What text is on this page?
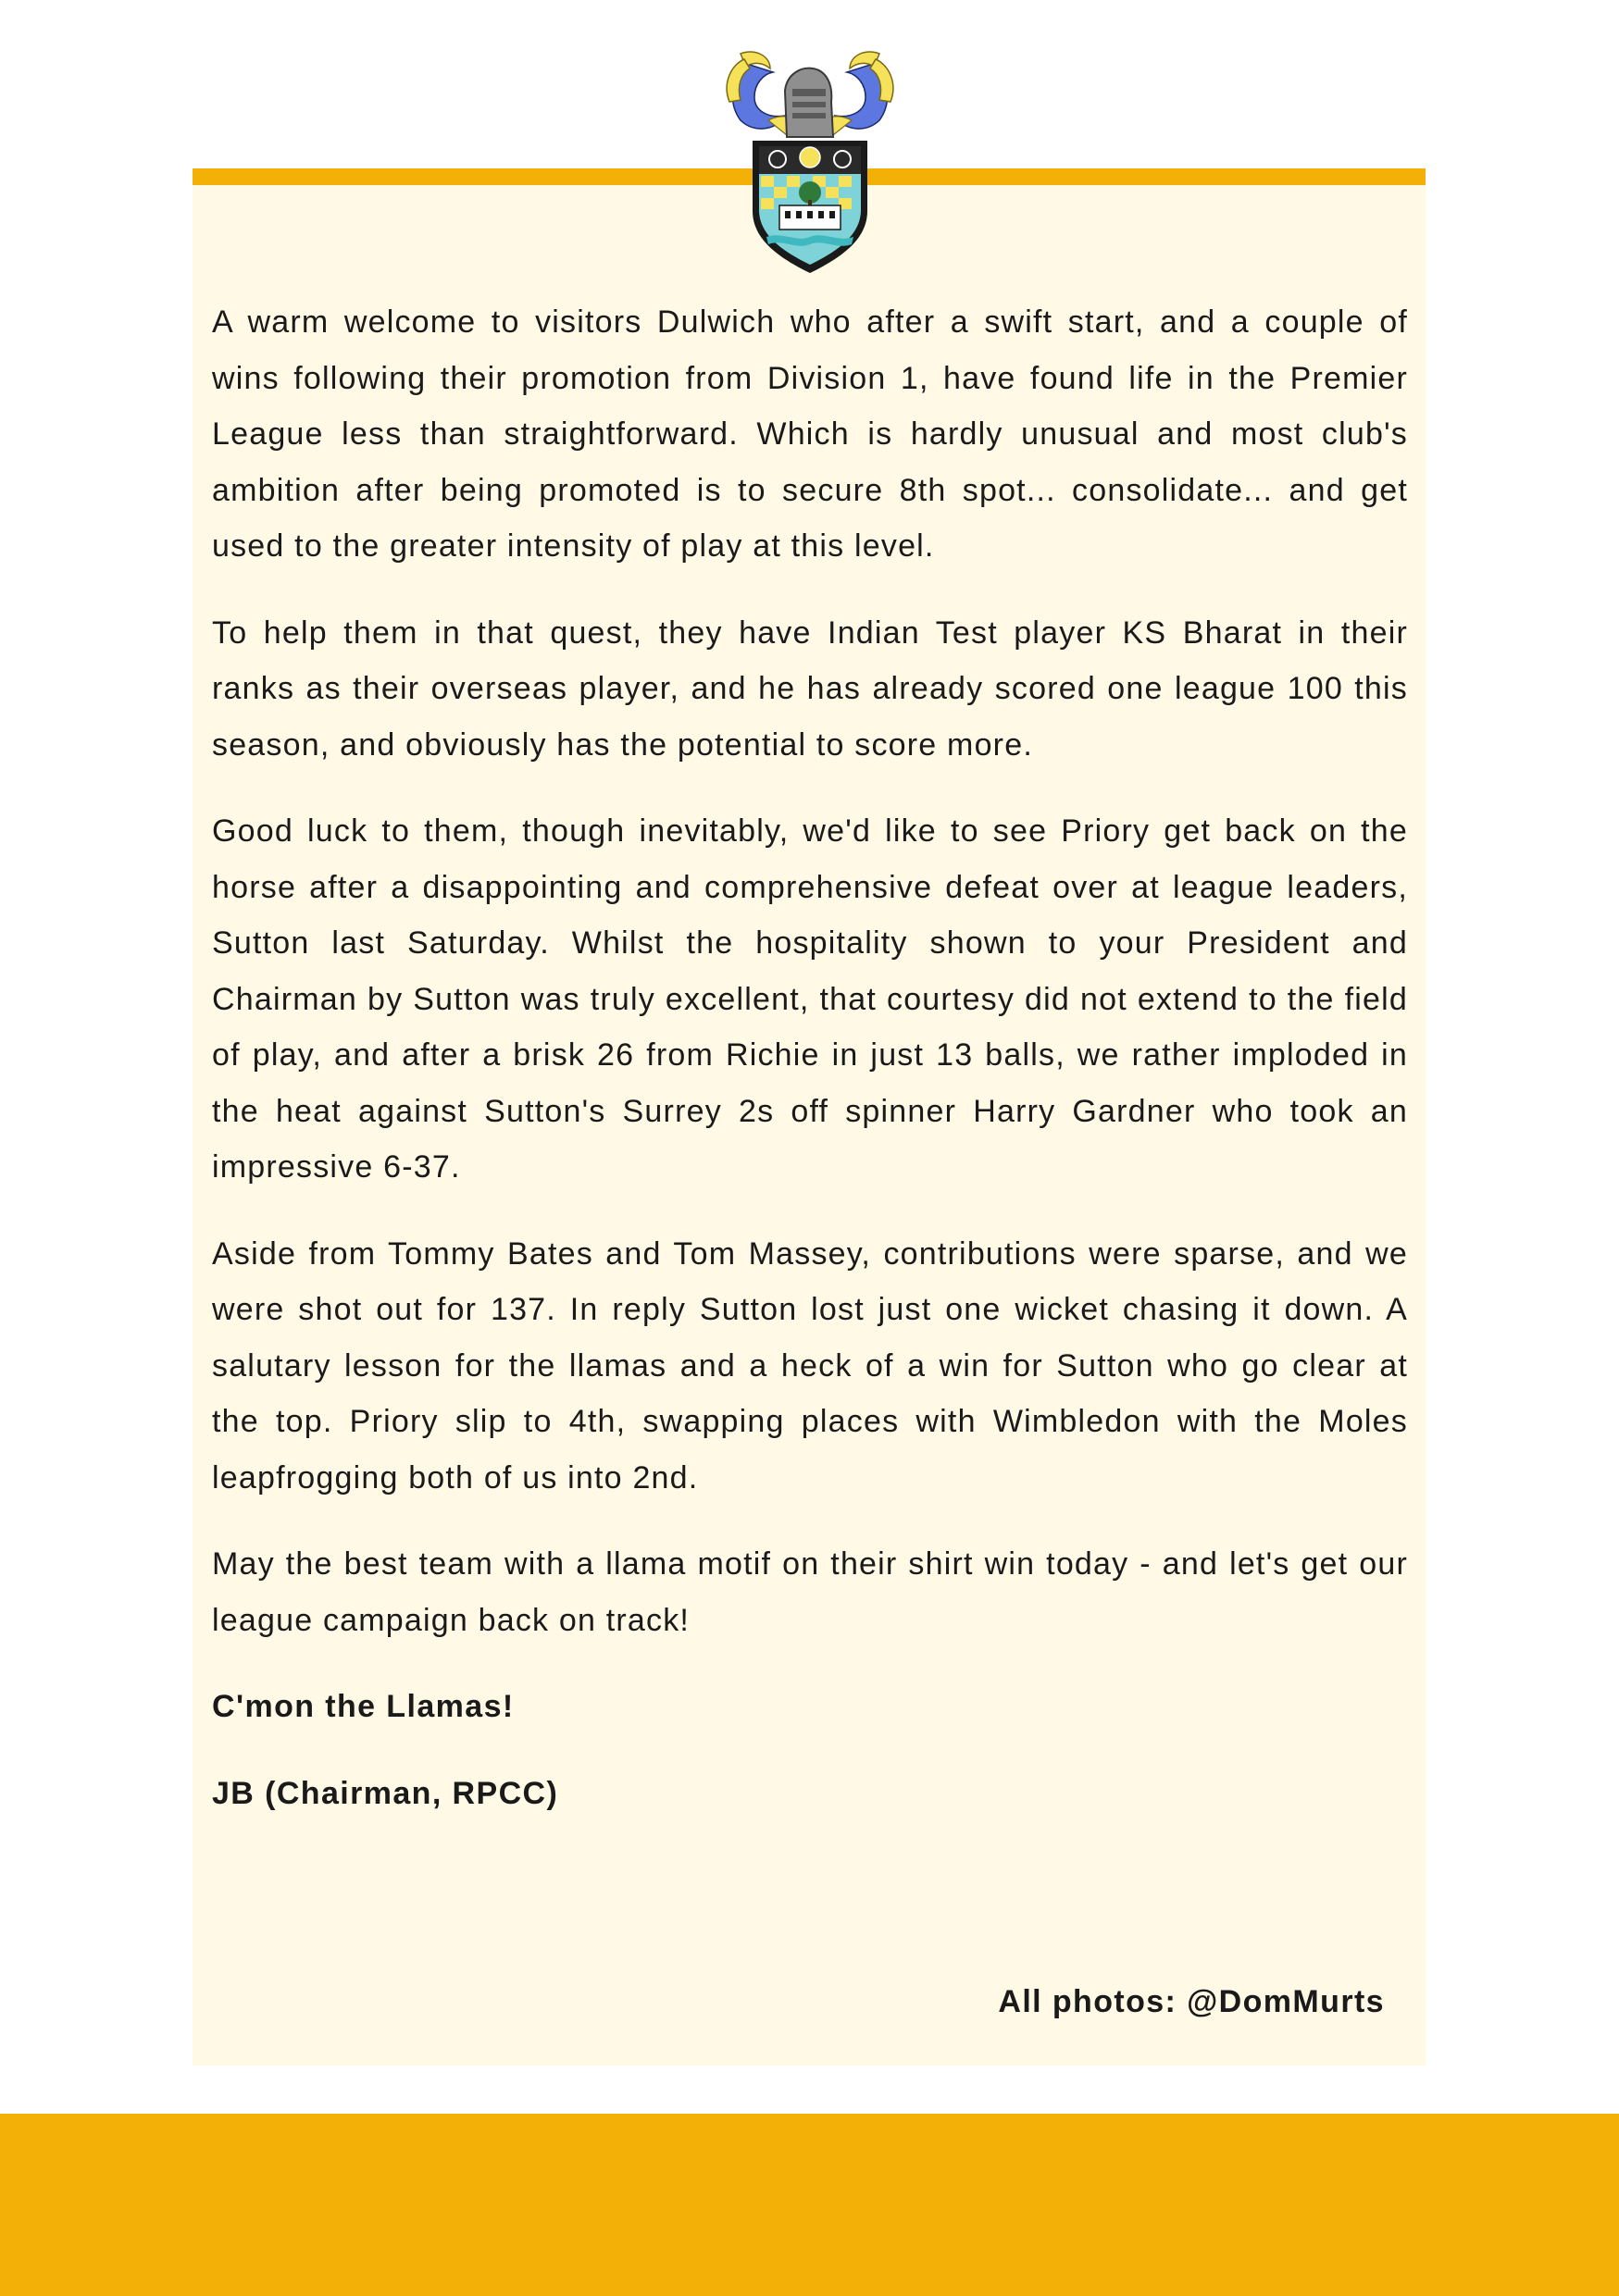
A warm welcome to visitors Dulwich who after a swift start, and a couple of wins following their promotion from Division 1, have found life in the Premier League less than straightforward. Which is hardly unusual and most club's ambition after being promoted is to secure 8th spot... consolidate... and get used to the greater intensity of play at this level.

To help them in that quest, they have Indian Test player KS Bharat in their ranks as their overseas player, and he has already scored one league 100 this season, and obviously has the potential to score more.

Good luck to them, though inevitably, we'd like to see Priory get back on the horse after a disappointing and comprehensive defeat over at league leaders, Sutton last Saturday. Whilst the hospitality shown to your President and Chairman by Sutton was truly excellent, that courtesy did not extend to the field of play, and after a brisk 26 from Richie in just 13 balls, we rather imploded in the heat against Sutton's Surrey 2s off spinner Harry Gardner who took an impressive 6-37.

Aside from Tommy Bates and Tom Massey, contributions were sparse, and we were shot out for 137. In reply Sutton lost just one wicket chasing it down. A salutary lesson for the llamas and a heck of a win for Sutton who go clear at the top. Priory slip to 4th, swapping places with Wimbledon with the Moles leapfrogging both of us into 2nd.

May the best team with a llama motif on their shirt win today - and let's get our league campaign back on track!

C'mon the Llamas!

JB (Chairman, RPCC)

All photos: @DomMurts
